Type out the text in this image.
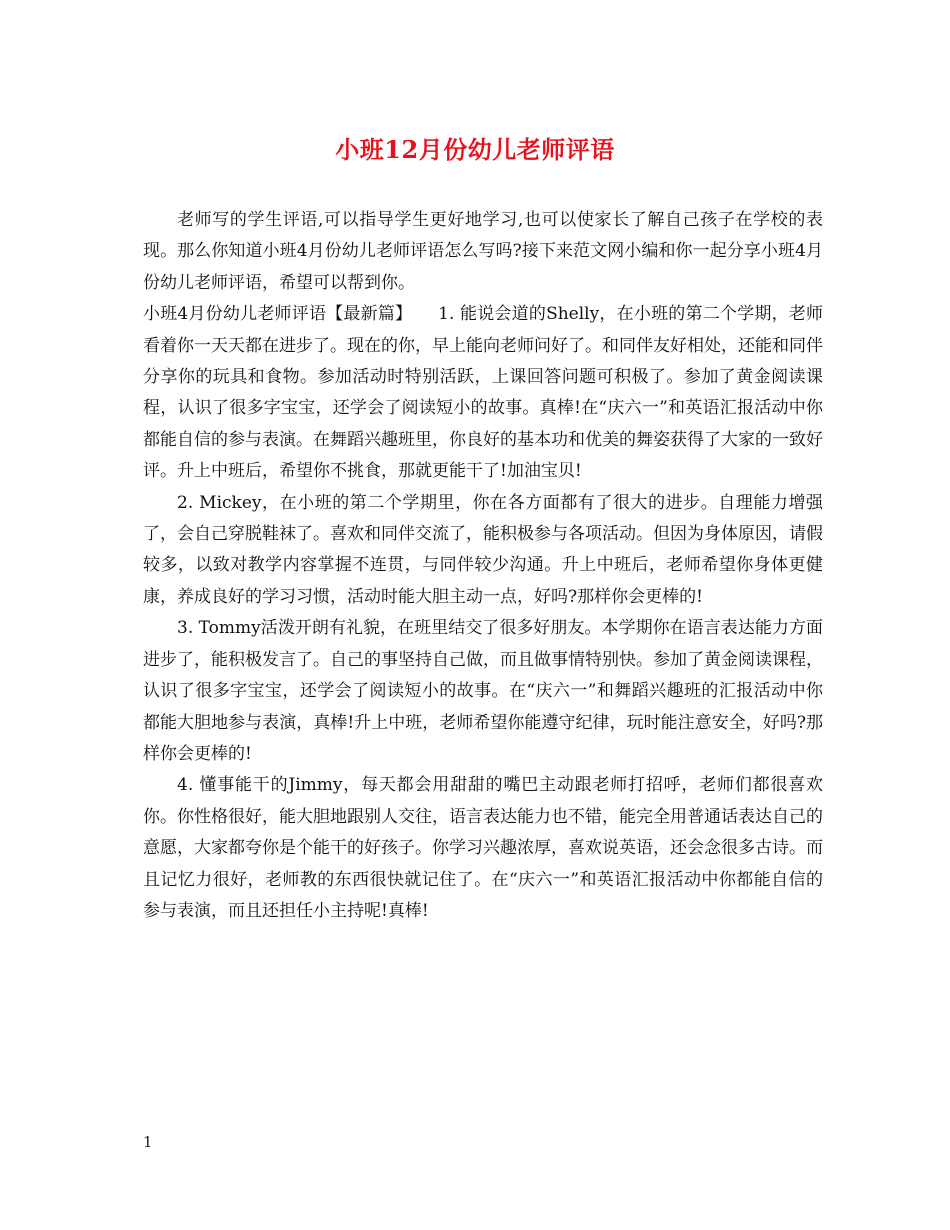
小班12月份幼儿老师评语

老师写的学生评语,可以指导学生更好地学习,也可以使家长了解自己孩子在学校的表现。那么你知道小班4月份幼儿老师评语怎么写吗?接下来范文网小编和你一起分享小班4月份幼儿老师评语，希望可以帮到你。

小班4月份幼儿老师评语【最新篇】　　1. 能说会道的Shelly，在小班的第二个学期，老师看着你一天天都在进步了。现在的你，早上能向老师问好了。和同伴友好相处，还能和同伴分享你的玩具和食物。参加活动时特别活跃，上课回答问题可积极了。参加了黄金阅读课程，认识了很多字宝宝，还学会了阅读短小的故事。真棒!在“庆六一”和英语汇报活动中你都能自信的参与表演。在舞蹈兴趣班里，你良好的基本功和优美的舞姿获得了大家的一致好评。升上中班后，希望你不挑食，那就更能干了!加油宝贝!

2. Mickey，在小班的第二个学期里，你在各方面都有了很大的进步。自理能力增强了，会自己穿脱鞋袜了。喜欢和同伴交流了，能积极参与各项活动。但因为身体原因，请假较多，以致对教学内容掌握不连贯，与同伴较少沟通。升上中班后，老师希望你身体更健康，养成良好的学习习惯，活动时能大胆主动一点，好吗?那样你会更棒的!

3. Tommy活泼开朗有礼貌，在班里结交了很多好朋友。本学期你在语言表达能力方面进步了，能积极发言了。自己的事坚持自己做，而且做事情特别快。参加了黄金阅读课程，认识了很多字宝宝，还学会了阅读短小的故事。在“庆六一”和舞蹈兴趣班的汇报活动中你都能大胆地参与表演，真棒!升上中班，老师希望你能遵守纪律，玩时能注意安全，好吗?那样你会更棒的!

4. 懂事能干的Jimmy，每天都会用甜甜的嘴巴主动跟老师打招呼，老师们都很喜欢你。你性格很好，能大胆地跟别人交往，语言表达能力也不错，能完全用普通话表达自己的意愿，大家都夸你是个能干的好孩子。你学习兴趣浓厚，喜欢说英语，还会念很多古诗。而且记忆力很好，老师教的东西很快就记住了。在“庆六一”和英语汇报活动中你都能自信的参与表演，而且还担任小主持呢!真棒!

1
